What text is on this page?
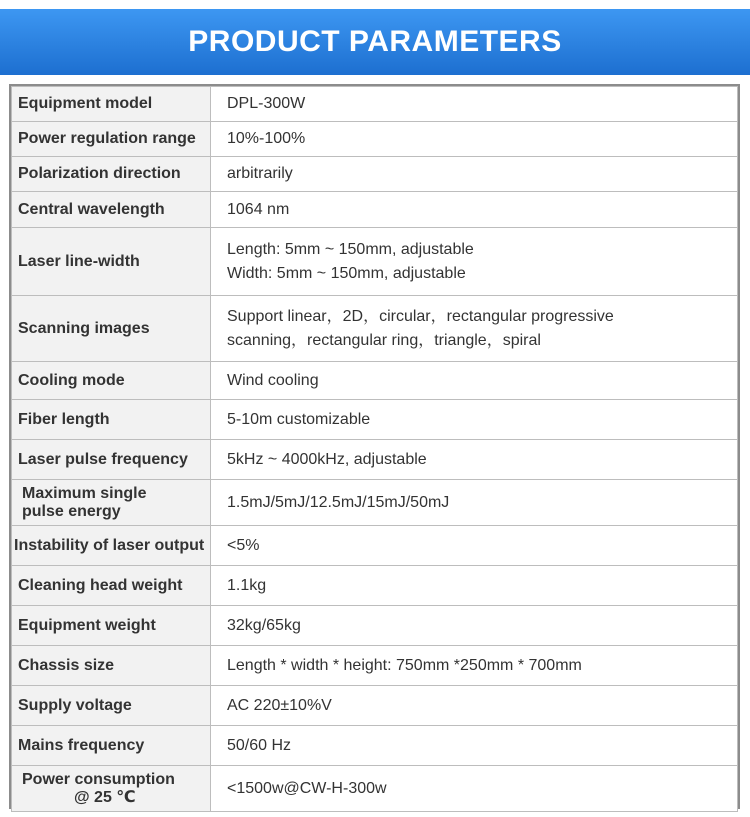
PRODUCT PARAMETERS
Equipment model	DPL-300W

Power regulation range	10%-100%

Polarization direction	arbitrarily

Central wavelength	1064 nm

Laser line-width	Length: 5mm ~ 150mm, adjustable
Width: 5mm ~ 150mm, adjustable

Scanning images	Support linear，2D，circular，rectangular progressive
scanning，rectangular ring，triangle，spiral

Cooling mode	Wind cooling

Fiber length	5-10m customizable

Laser pulse frequency	5kHz ~ 4000kHz, adjustable

Maximum single
pulse energy	1.5mJ/5mJ/12.5mJ/15mJ/50mJ

Instability of laser output	<5%

Cleaning head weight	1.1kg

Equipment weight	32kg/65kg

Chassis size	Length * width * height: 750mm *250mm * 700mm

Supply voltage	AC 220±10%V

Mains frequency	50/60 Hz

Power consumption
@ 25 ℃	<1500w@CW-H-300w
